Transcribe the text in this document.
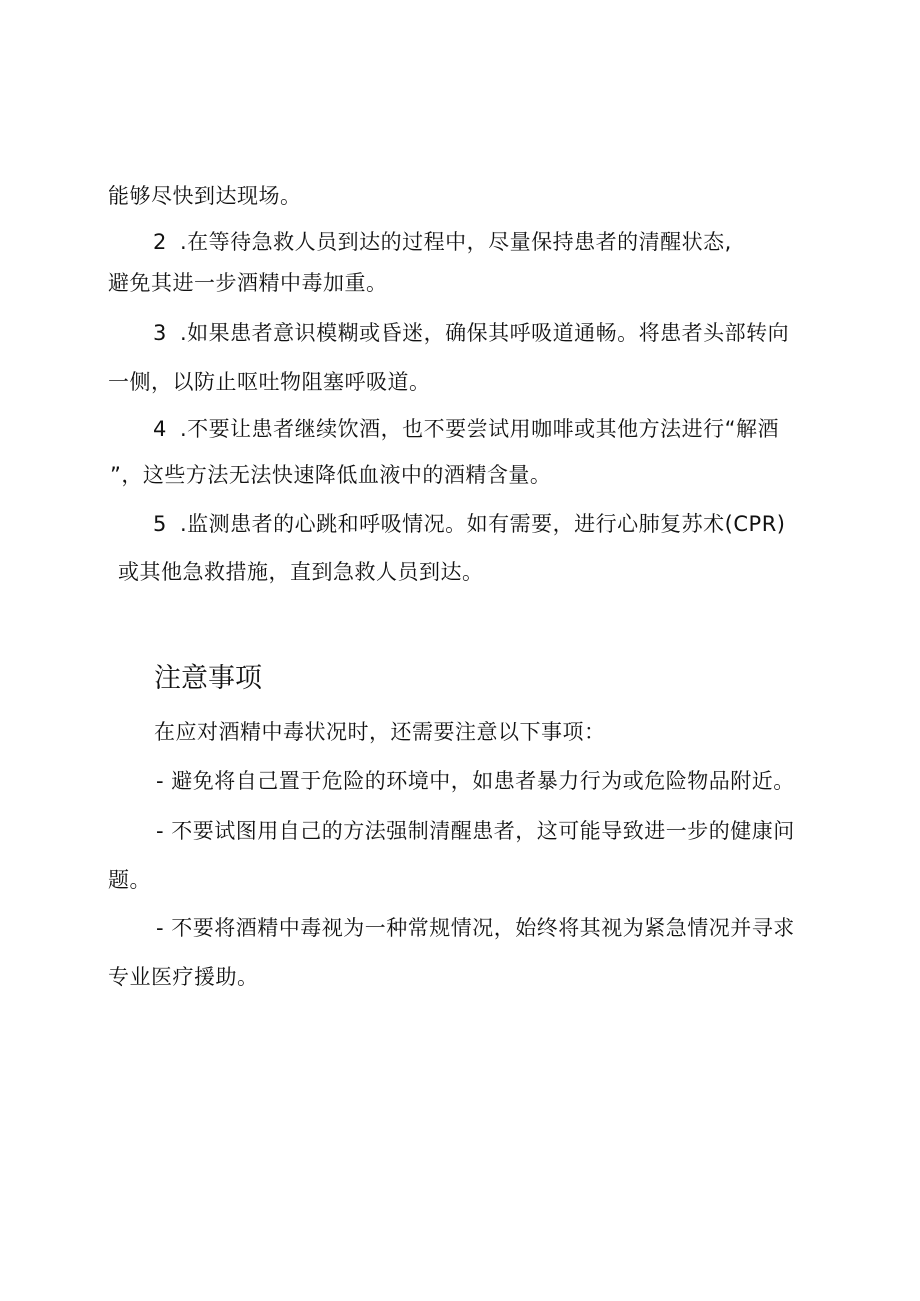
能够尽快到达现场。
2 .在等待急救人员到达的过程中，尽量保持患者的清醒状态,
避免其进一步酒精中毒加重。
3 .如果患者意识模糊或昏迷，确保其呼吸道通畅。将患者头部转向
一侧，以防止呕吐物阻塞呼吸道。
4 .不要让患者继续饮酒，也不要尝试用咖啡或其他方法进行“解酒
”，这些方法无法快速降低血液中的酒精含量。
5 .监测患者的心跳和呼吸情况。如有需要，进行心肺复苏术(CPR)
或其他急救措施，直到急救人员到达。
注意事项
在应对酒精中毒状况时，还需要注意以下事项：
- 避免将自己置于危险的环境中，如患者暴力行为或危险物品附近。
- 不要试图用自己的方法强制清醒患者，这可能导致进一步的健康问
题。
- 不要将酒精中毒视为一种常规情况，始终将其视为紧急情况并寻求
专业医疗援助。
